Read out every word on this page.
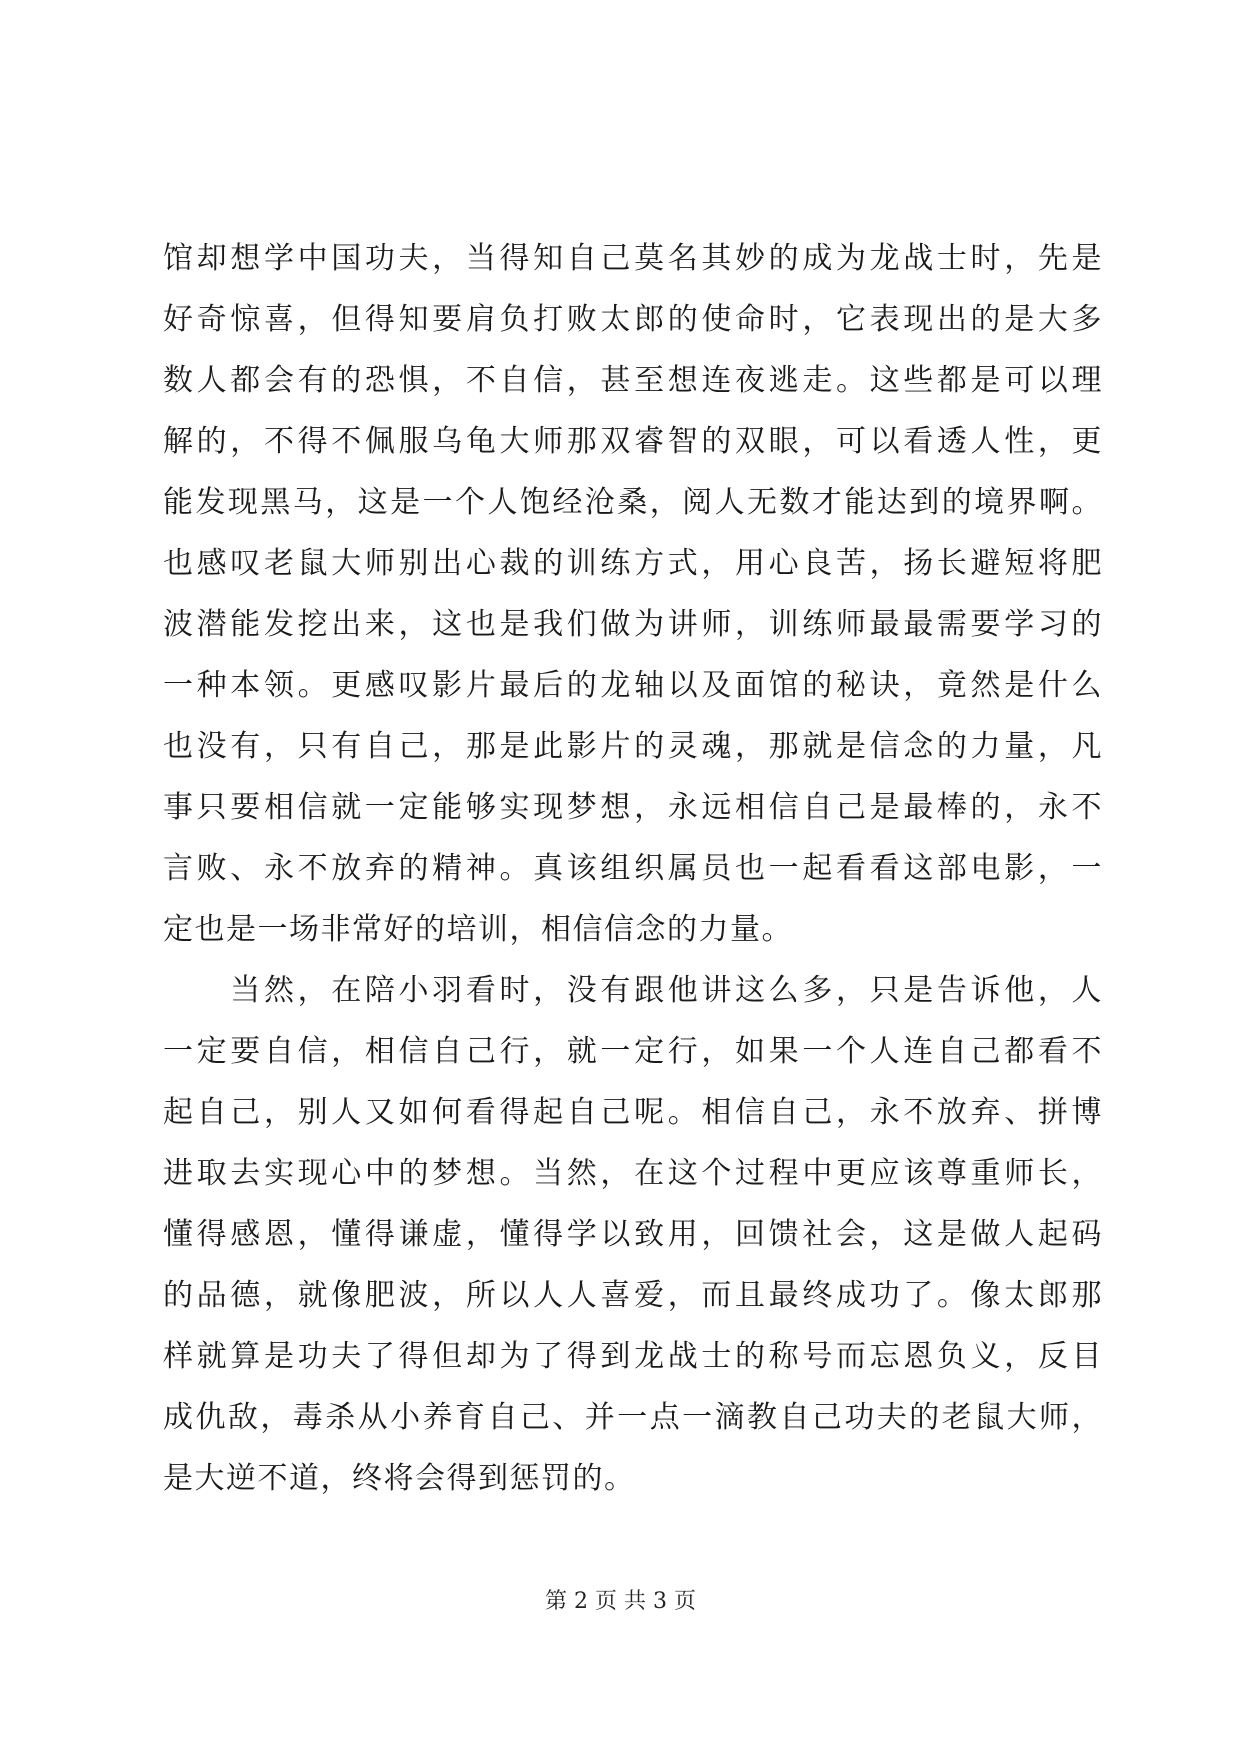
馆却想学中国功夫，当得知自己莫名其妙的成为龙战士时，先是
好奇惊喜，但得知要肩负打败太郎的使命时，它表现出的是大多
数人都会有的恐惧，不自信，甚至想连夜逃走。这些都是可以理
解的，不得不佩服乌龟大师那双睿智的双眼，可以看透人性，更
能发现黑马，这是一个人饱经沧桑，阅人无数才能达到的境界啊。
也感叹老鼠大师别出心裁的训练方式，用心良苦，扬长避短将肥
波潜能发挖出来，这也是我们做为讲师，训练师最最需要学习的
一种本领。更感叹影片最后的龙轴以及面馆的秘诀，竟然是什么
也没有，只有自己，那是此影片的灵魂，那就是信念的力量，凡
事只要相信就一定能够实现梦想，永远相信自己是最棒的，永不
言败、永不放弃的精神。真该组织属员也一起看看这部电影，一
定也是一场非常好的培训，相信信念的力量。
　　当然，在陪小羽看时，没有跟他讲这么多，只是告诉他，人
一定要自信，相信自己行，就一定行，如果一个人连自己都看不
起自己，别人又如何看得起自己呢。相信自己，永不放弃、拼博
进取去实现心中的梦想。当然，在这个过程中更应该尊重师长，
懂得感恩，懂得谦虚，懂得学以致用，回馈社会，这是做人起码
的品德，就像肥波，所以人人喜爱，而且最终成功了。像太郎那
样就算是功夫了得但却为了得到龙战士的称号而忘恩负义，反目
成仇敌，毒杀从小养育自己、并一点一滴教自己功夫的老鼠大师，
是大逆不道，终将会得到惩罚的。
第 2 页 共 3 页
